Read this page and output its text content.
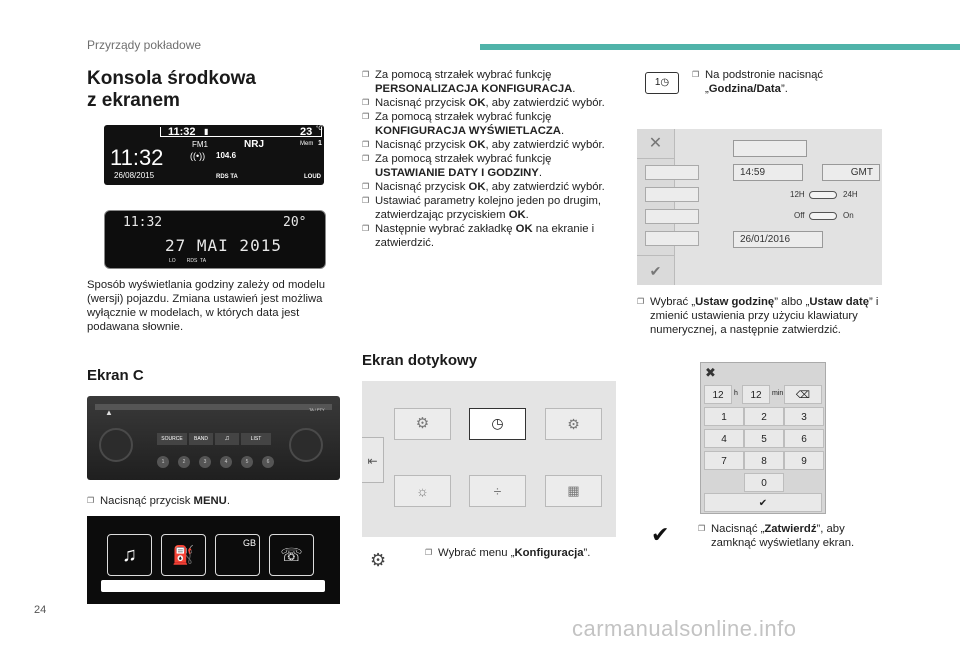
Przyrządy pokładowe
24
Konsola środkowa
z ekranem
11:32 ▮	23 °C
11:32
26/08/2015
FM1	NRJ
((•)) 104.6
Mem 1
RDS TA	LOUD
11:32	20°
27 MAI 2015
LO        RDS  TA
Sposób wyświetlania godziny zależy od modelu (wersji) pojazdu. Zmiana ustawień jest możliwa wyłącznie w modelach, w których data jest podawana słownie.
Ekran C
▲	TA / PTY
SOURCE	BAND	♫	LIST
1	2	3	4	5	6
❐ Nacisnąć przycisk MENU.
♫	⛽
GB
☏
❐ Za pomocą strzałek wybrać funkcję PERSONALIZACJA KONFIGURACJA.
❐ Nacisnąć przycisk OK, aby zatwierdzić wybór.
❐ Za pomocą strzałek wybrać funkcję KONFIGURACJA WYŚWIETLACZA.
❐ Nacisnąć przycisk OK, aby zatwierdzić wybór.
❐ Za pomocą strzałek wybrać funkcję USTAWIANIE DATY I GODZINY.
❐ Nacisnąć przycisk OK, aby zatwierdzić wybór.
❐ Ustawiać parametry kolejno jeden po drugim, zatwierdzając przyciskiem OK.
❐ Następnie wybrać zakładkę OK na ekranie i zatwierdzić.
Ekran dotykowy
⇤
⚙	◷	⚙
☼	÷	▦
⚙	❐ Wybrać menu „Konfiguracja”.
1◷
❐ Na podstronie nacisnąć „Godzina/Data”.
✕
✔
14:59	GMT
12H	24H
Off	On
26/01/2016
❐ Wybrać „Ustaw godzinę” albo „Ustaw datę” i zmienić ustawienia przy użyciu klawiatury numerycznej, a następnie zatwierdzić.
✖
12	h	12	min	⌫
1	2	3
4	5	6
7	8	9
0
✔
✔	❐ Nacisnąć „Zatwierdź”, aby zamknąć wyświetlany ekran.
carmanualsonline.info
